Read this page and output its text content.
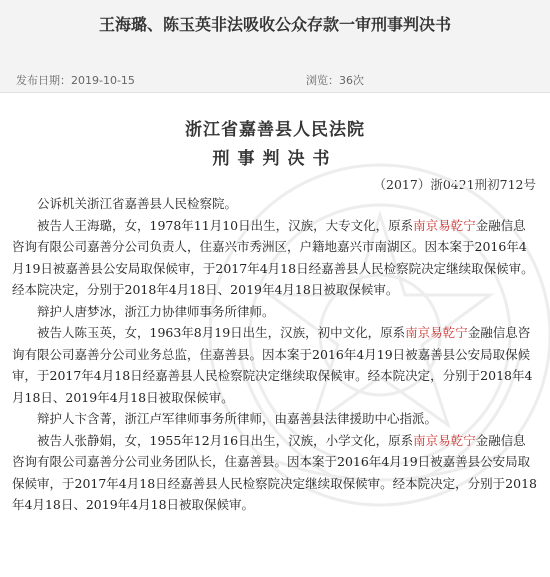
王海璐、陈玉英非法吸收公众存款一审刑事判决书
发布日期：2019-10-15	浏览：36次
浙江省嘉善县人民法院
刑事判决书
（2017）浙0421刑初712号

公诉机关浙江省嘉善县人民检察院。

被告人王海璐，女，1978年11月10日出生，汉族，大专文化，原系南京易乾宁金融信息咨询有限公司嘉善分公司负责人，住嘉兴市秀洲区，户籍地嘉兴市南湖区。因本案于2016年4月19日被嘉善县公安局取保候审，于2017年4月18日经嘉善县人民检察院决定继续取保候审。经本院决定，分别于2018年4月18日、2019年4月18日被取保候审。

辩护人唐梦冰，浙江力协律师事务所律师。

被告人陈玉英，女，1963年8月19日出生，汉族，初中文化，原系南京易乾宁金融信息咨询有限公司嘉善分公司业务总监，住嘉善县。因本案于2016年4月19日被嘉善县公安局取保候审，于2017年4月18日经嘉善县人民检察院决定继续取保候审。经本院决定，分别于2018年4月18日、2019年4月18日被取保候审。

辩护人卞含菁，浙江卢军律师事务所律师，由嘉善县法律援助中心指派。

被告人张静娟，女，1955年12月16日出生，汉族，小学文化，原系南京易乾宁金融信息咨询有限公司嘉善分公司业务团队长，住嘉善县。因本案于2016年4月19日被嘉善县公安局取保候审，于2017年4月18日经嘉善县人民检察院决定继续取保候审。经本院决定，分别于2018年4月18日、2019年4月18日被取保候审。
